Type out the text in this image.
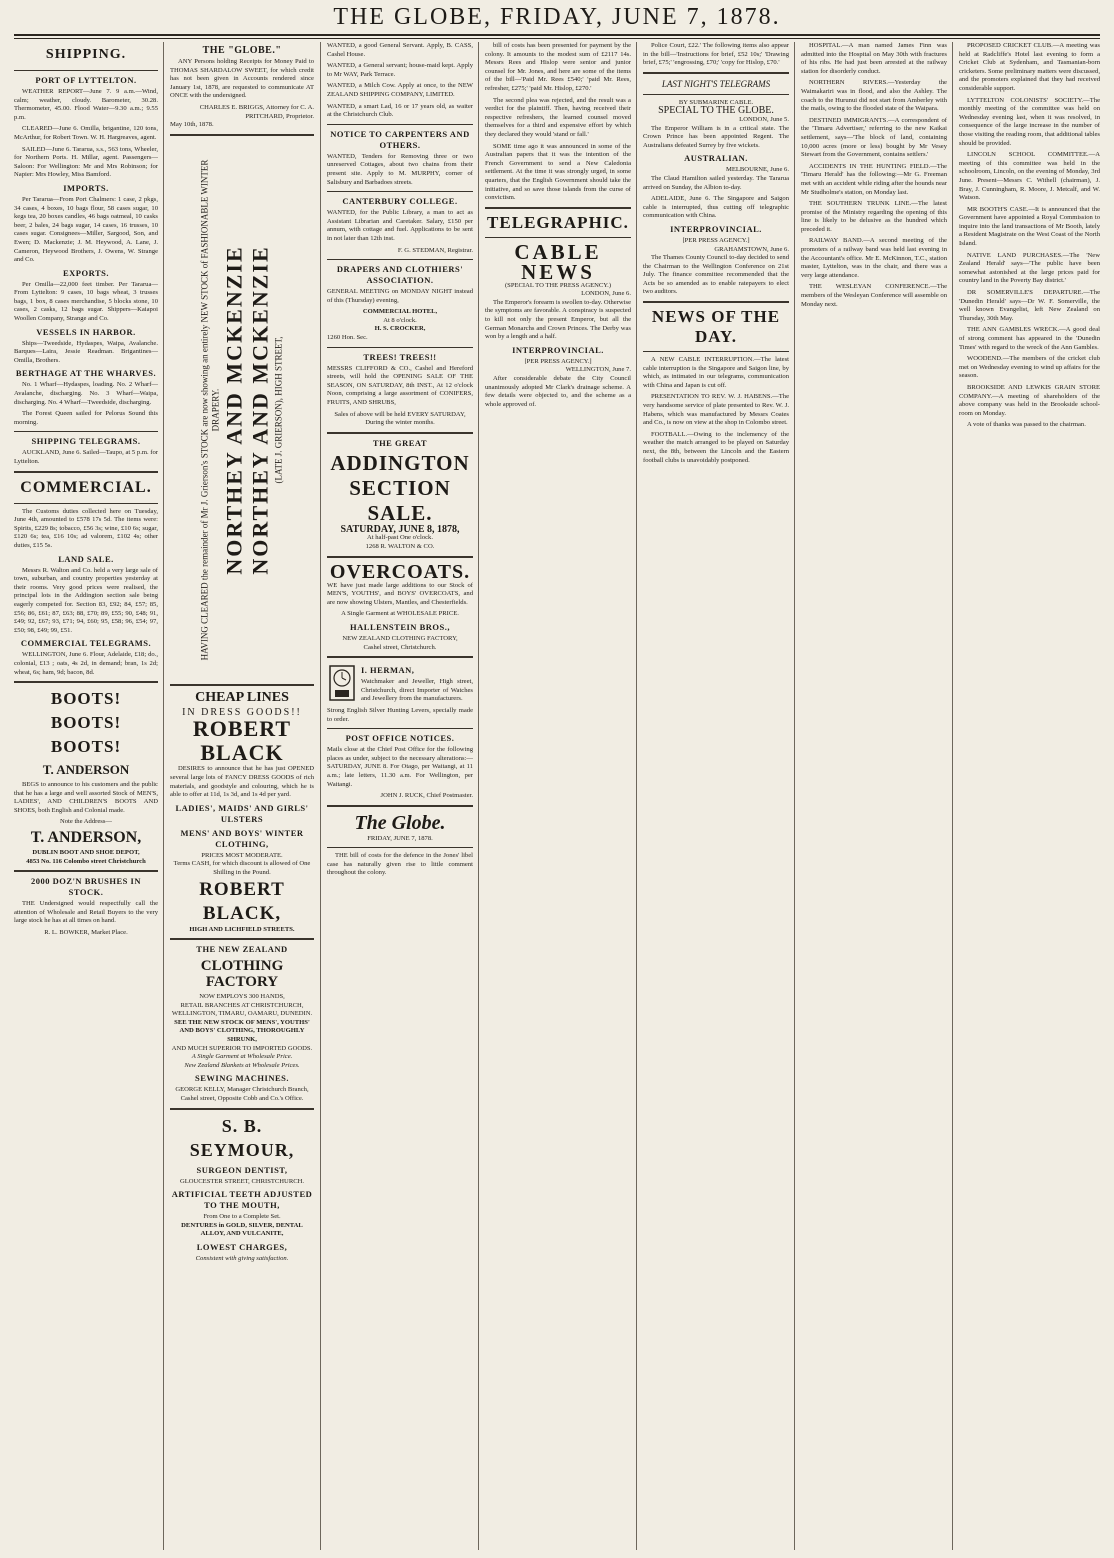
THE GLOBE, FRIDAY, JUNE 7, 1878.
SHIPPING.
PORT OF LYTTELTON.

WEATHER REPORT—June 7. 9 a.m.—Wind, calm; weather, cloudy. Barometer, 30.28. Thermometer, 45.00. Flood Water—9.30 a.m.; 9.55 p.m.

CLEARED—June 6. Omilla, brigantine, 120 tons, McArthur, for Robert Town. W. H. Hargreaves, agent.

SAILED—June 6. Tararua, s.s., 563 tons, Wheeler, for Northern Ports. H. Millar, agent. Passengers—Saloon: For Wellington: Mr and Mrs Robinson; for Napier: Mrs Howley, Miss Bamford.

IMPORTS.

Per Tararua—From Port Chalmers: 1 case, 2 pkgs, 34 cases, 4 boxes, 10 bags flour, 58 cases sugar, 10 kegs tea, 20 boxes candles, 46 bags oatmeal, 10 casks beer, 2 bales, 24 bags sugar, 14 cases, 16 trusses, 10 cases sugar. Consignees—Miller, Sargood, Son, and Ewen; D. Mackenzie; J. M. Heywood, A. Lane, J. Cameron, Heywood Brothers, J. Owens, W. Strange and Co.

EXPORTS.

Per Omilla—22,000 feet timber. Per Tararua—From Lyttelton: 9 cases, 10 bags wheat, 3 trusses bags, 1 box, 8 cases merchandise, 5 blocks stone, 10 cases, 2 casks, 12 bags sugar. Shippers—Kaiapoi Woollen Company, Strange and Co.

VESSELS IN HARBOR.

Ships—Tweedside, Hydaspes, Waipa, Avalanche. Barques—Laira, Jessie Readman. Brigantines—Omilla, Brothers.

BERTHAGE AT THE WHARVES.

No. 1 Wharf—Hydaspes, loading. No. 2 Wharf—Avalanche, discharging. No. 3 Wharf—Waipa, discharging. No. 4 Wharf—Tweedside, discharging.

The Forest Queen sailed for Pelorus Sound this morning.

SHIPPING TELEGRAMS.

AUCKLAND, June 6. Sailed—Taupo, at 5 p.m. for Lyttelton.

COMMERCIAL.

The Customs duties collected here on Tuesday, June 4th, amounted to £578 17s 5d. The items were: Spirits, £229 8s; tobacco, £56 3s; wine, £10 6s; sugar, £120 6s; tea, £16 10s; ad valorem, £102 4s; other duties, £15 5s.

LAND SALE.

Messrs R. Walton and Co. held a very large sale of town, suburban, and country properties yesterday at their rooms. Very good prices were realised, the principal lots in the Addington section sale being eagerly competed for. Section 83, £92; 84, £57; 85, £56; 86, £61; 87, £63; 88, £70; 89, £55; 90, £48; 91, £49; 92, £67; 93, £71; 94, £60; 95, £58; 96, £54; 97, £50; 98, £49; 99, £51.

COMMERCIAL TELEGRAMS.

WELLINGTON, June 6. Flour, Adelaide, £18; do., colonial, £13 ; oats, 4s 2d, in demand; bran, 1s 2d; wheat, 6s; ham, 9d; bacon, 8d.

BOOTS! BOOTS! BOOTS!
T. ANDERSON

BEGS to announce to his customers and the public that he has a large and well assorted Stock of MEN'S, LADIES', AND CHILDREN'S BOOTS AND SHOES, both English and Colonial made.

Note the Address—
T. ANDERSON,
DUBLIN BOOT AND SHOE DEPOT,
4853 No. 116 Colombo street Christchurch
2000 DOZ'N BRUSHES IN STOCK.

THE Undersigned would respectfully call the attention of Wholesale and Retail Buyers to the very large stock he has at all times on hand.

R. L. BOWKER, Market Place.
THE "GLOBE."

ANY Persons holding Receipts for Money Paid to THOMAS SHARDALOW SWEET, for which credit has not been given in Accounts rendered since January 1st, 1878, are requested to communicate AT ONCE with the undersigned.

CHARLES E. BRIGGS, Attorney for C. A. PRITCHARD, Proprietor.
May 10th, 1878.
HAVING CLEARED the remainder of Mr J. Grierson's STOCK are now showing an entirely NEW STOCK of FASHIONABLE WINTER DRAPERY. NORTHEY AND MCKENZIE NORTHEY AND MCKENZIE (LATE J. GRIERSON), HIGH STREET,
CHEAP LINES
IN DRESS GOODS!!
ROBERT BLACK

DESIRES to announce that he has just OPENED several large lots of FANCY DRESS GOODS of rich materials, and goodstyle and colouring, which he is able to offer at 11d, 1s 3d, and 1s 4d per yard.

LADIES', MAIDS' AND GIRLS' ULSTERS
MENS' AND BOYS' WINTER CLOTHING,
PRICES MOST MODERATE.
Terms CASH, for which discount is allowed of One Shilling in the Pound.
ROBERT BLACK,
HIGH AND LICHFIELD STREETS.
THE NEW ZEALAND
CLOTHING FACTORY
NOW EMPLOYS 300 HANDS,
RETAIL BRANCHES AT CHRISTCHURCH, WELLINGTON, TIMARU, OAMARU, DUNEDIN.
SEE THE NEW STOCK OF MENS', YOUTHS' AND BOYS' CLOTHING, THOROUGHLY SHRUNK,
AND MUCH SUPERIOR TO IMPORTED GOODS.
A Single Garment at Wholesale Price.
New Zealand Blankets at Wholesale Prices.
SEWING MACHINES.
GEORGE KELLY, Manager Christchurch Branch, Cashel street, Opposite Cobb and Co.'s Office.
S. B. SEYMOUR,
SURGEON DENTIST,
GLOUCESTER STREET, CHRISTCHURCH.
ARTIFICIAL TEETH ADJUSTED TO THE MOUTH,
From One to a Complete Set.
DENTURES in GOLD, SILVER, DENTAL ALLOY, AND VULCANITE,
LOWEST CHARGES,
Consistent with giving satisfaction.

WANTED, a good General Servant. Apply, B. CASS, Cashel House.

WANTED, a General servant; house-maid kept. Apply to Mr WAY, Park Terrace.

WANTED, a Milch Cow. Apply at once, to the NEW ZEALAND SHIPPING COMPANY, LIMITED.

WANTED, a smart Lad, 16 or 17 years old, as waiter at the Christchurch Club.

NOTICE TO CARPENTERS AND OTHERS.

WANTED, Tenders for Removing three or two unreserved Cottages, about two chains from their present site. Apply to M. MURPHY, corner of Salisbury and Barbadoes streets.

CANTERBURY COLLEGE.

WANTED, for the Public Library, a man to act as Assistant Librarian and Caretaker. Salary, £150 per annum, with cottage and fuel. Applications to be sent in not later than 12th inst.

F. G. STEDMAN, Registrar.
DRAPERS AND CLOTHIERS' ASSOCIATION.

GENERAL MEETING on MONDAY NIGHT instead of this (Thursday) evening,

COMMERCIAL HOTEL,
At 8 o'clock.
H. S. CROCKER,
1260 Hon. Sec.
TREES! TREES!!

MESSRS CLIFFORD & CO., Cashel and Hereford streets, will hold the OPENING SALE OF THE SEASON, ON SATURDAY, 8th INST., At 12 o'clock Noon, comprising a large assortment of CONIFERS, FRUITS, AND SHRUBS,

Sales of above will be held EVERY SATURDAY, During the winter months.
THE GREAT
ADDINGTON SECTION SALE.
SATURDAY, JUNE 8, 1878,
At half-past One o'clock.
1268 R. WALTON & CO.
OVERCOATS.

WE have just made large additions to our Stock of MEN'S, YOUTHS', and BOYS' OVERCOATS, and are now showing Ulsters, Mantles, and Chesterfields.

A Single Garment at WHOLESALE PRICE.
HALLENSTEIN BROS.,
NEW ZEALAND CLOTHING FACTORY,
Cashel street, Christchurch.
I. HERMAN,

Watchmaker and Jeweller, High street, Christchurch, direct Importer of Watches and Jewellery from the manufacturers.

Strong English Silver Hunting Levers, specially made to order.

POST OFFICE NOTICES.

Mails close at the Chief Post Office for the following places as under, subject to the necessary alterations:— SATURDAY, JUNE 8. For Otago, per Waitangi, at 11 a.m.; late letters, 11.30 a.m. For Wellington, per Waitangi.

JOHN J. RUCK, Chief Postmaster.
The Globe.
FRIDAY, JUNE 7, 1878.

THE bill of costs for the defence in the Jones' libel case has naturally given rise to little comment throughout the colony.

bill of costs has been presented for payment by the colony. It amounts to the modest sum of £2117 14s. Messrs Rees and Hislop were senior and junior counsel for Mr. Jones, and here are some of the items of the bill—'Paid Mr. Rees £540;' 'paid Mr. Rees, refresher, £275;' 'paid Mr. Hislop, £270.'

The second plea was rejected, and the result was a verdict for the plaintiff. Then, having received their respective refreshers, the learned counsel moved themselves for a third and expensive effort by which they declared they would 'stand or fall.'

SOME time ago it was announced in some of the Australian papers that it was the intention of the French Government to send a New Caledonia settlement. At the time it was strongly urged, in some quarters, that the English Government should take the initiative, and so save those islands from the curse of convictism.

TELEGRAPHIC.
CABLE NEWS
(SPECIAL TO THE PRESS AGENCY.)
LONDON, June 6.

The Emperor's forearm is swollen to-day. Otherwise the symptoms are favorable. A conspiracy is suspected to kill not only the present Emperor, but all the German Monarchs and Crown Princes. The Derby was won by a length and a half.

INTERPROVINCIAL.
[PER PRESS AGENCY.]
WELLINGTON, June 7.

After considerable debate the City Council unanimously adopted Mr Clark's drainage scheme. A few details were objected to, and the scheme as a whole approved of.

Police Court, £22.' The following items also appear in the bill—'Instructions for brief, £52 10s;' 'Drawing brief, £75;' 'engrossing, £70;' 'copy for Hislop, £70.'

LAST NIGHT'S TELEGRAMS
BY SUBMARINE CABLE.
SPECIAL TO THE GLOBE.
LONDON, June 5.

The Emperor William is in a critical state. The Crown Prince has been appointed Regent. The Australians defeated Surrey by five wickets.

AUSTRALIAN.
MELBOURNE, June 6.

The Claud Hamilton sailed yesterday. The Tararua arrived on Sunday, the Albion to-day.

ADELAIDE, June 6. The Singapore and Saigon cable is interrupted, thus cutting off telegraphic communication with China.

INTERPROVINCIAL.
[PER PRESS AGENCY.]
GRAHAMSTOWN, June 6.

The Thames County Council to-day decided to send the Chairman to the Wellington Conference on 21st July. The finance committee recommended that the Acts be so amended as to enable ratepayers to elect two auditors.

NEWS OF THE DAY.

A NEW CABLE INTERRUPTION.—The latest cable interruption is the Singapore and Saigon line, by which, as intimated in our telegrams, communication with China and Japan is cut off.

PRESENTATION TO REV. W. J. HABENS.—The very handsome service of plate presented to Rev. W. J. Habens, which was manufactured by Messrs Coates and Co., is now on view at the shop in Colombo street.

FOOTBALL.—Owing to the inclemency of the weather the match arranged to be played on Saturday next, the 8th, between the Lincoln and the Eastern football clubs is unavoidably postponed.

HOSPITAL.—A man named James Finn was admitted into the Hospital on May 30th with fractures of his ribs. He had just been arrested at the railway station for disorderly conduct.

NORTHERN RIVERS.—Yesterday the Waimakariri was in flood, and also the Ashley. The coach to the Hurunui did not start from Amberley with the mails, owing to the flooded state of the Waipara.

DESTINED IMMIGRANTS.—A correspondent of the 'Timaru Advertiser,' referring to the new Kaikai settlement, says—'The block of land, containing 10,000 acres (more or less) bought by Mr Vesey Stewart from the Government, contains settlers.'

ACCIDENTS IN THE HUNTING FIELD.—The 'Timaru Herald' has the following:—Mr G. Freeman met with an accident while riding after the hounds near Mr Studholme's station, on Monday last.

THE SOUTHERN TRUNK LINE.—The latest promise of the Ministry regarding the opening of this line is likely to be delusive as the hundred which preceded it.

RAILWAY BAND.—A second meeting of the promoters of a railway band was held last evening in the Accountant's office. Mr E. McKinnon, T.C., station master, Lyttelton, was in the chair, and there was a very large attendance.

THE WESLEYAN CONFERENCE.—The members of the Wesleyan Conference will assemble on Monday next.

PROPOSED CRICKET CLUB.—A meeting was held at Radcliffe's Hotel last evening to form a Cricket Club at Sydenham, and Tasmanian-born cricketers. Some preliminary matters were discussed, and the promoters explained that they had received considerable support.

LYTTELTON COLONISTS' SOCIETY.—The monthly meeting of the committee was held on Wednesday evening last, when it was resolved, in consequence of the large increase in the number of those visiting the reading room, that additional tables should be provided.

LINCOLN SCHOOL COMMITTEE.—A meeting of this committee was held in the schoolroom, Lincoln, on the evening of Monday, 3rd June. Present—Messrs C. Withell (chairman), J. Bray, J. Cunningham, R. Moore, J. Metcalf, and W. Watson.

MR BOOTH'S CASE.—It is announced that the Government have appointed a Royal Commission to inquire into the land transactions of Mr Booth, lately a Resident Magistrate on the West Coast of the North Island.

NATIVE LAND PURCHASES.—The 'New Zealand Herald' says—'The public have been somewhat astonished at the large prices paid for country land in the Poverty Bay district.'

DR SOMERVILLE'S DEPARTURE.—The 'Dunedin Herald' says—Dr W. F. Somerville, the well known Evangelist, left New Zealand on Thursday, 30th May.

THE ANN GAMBLES WRECK.—A good deal of strong comment has appeared in the 'Dunedin Times' with regard to the wreck of the Ann Gambles.

WOODEND.—The members of the cricket club met on Wednesday evening to wind up affairs for the season.

BROOKSIDE AND LEWKIS GRAIN STORE COMPANY.—A meeting of shareholders of the above company was held in the Brookside school-room on Monday.

A vote of thanks was passed to the chairman.
